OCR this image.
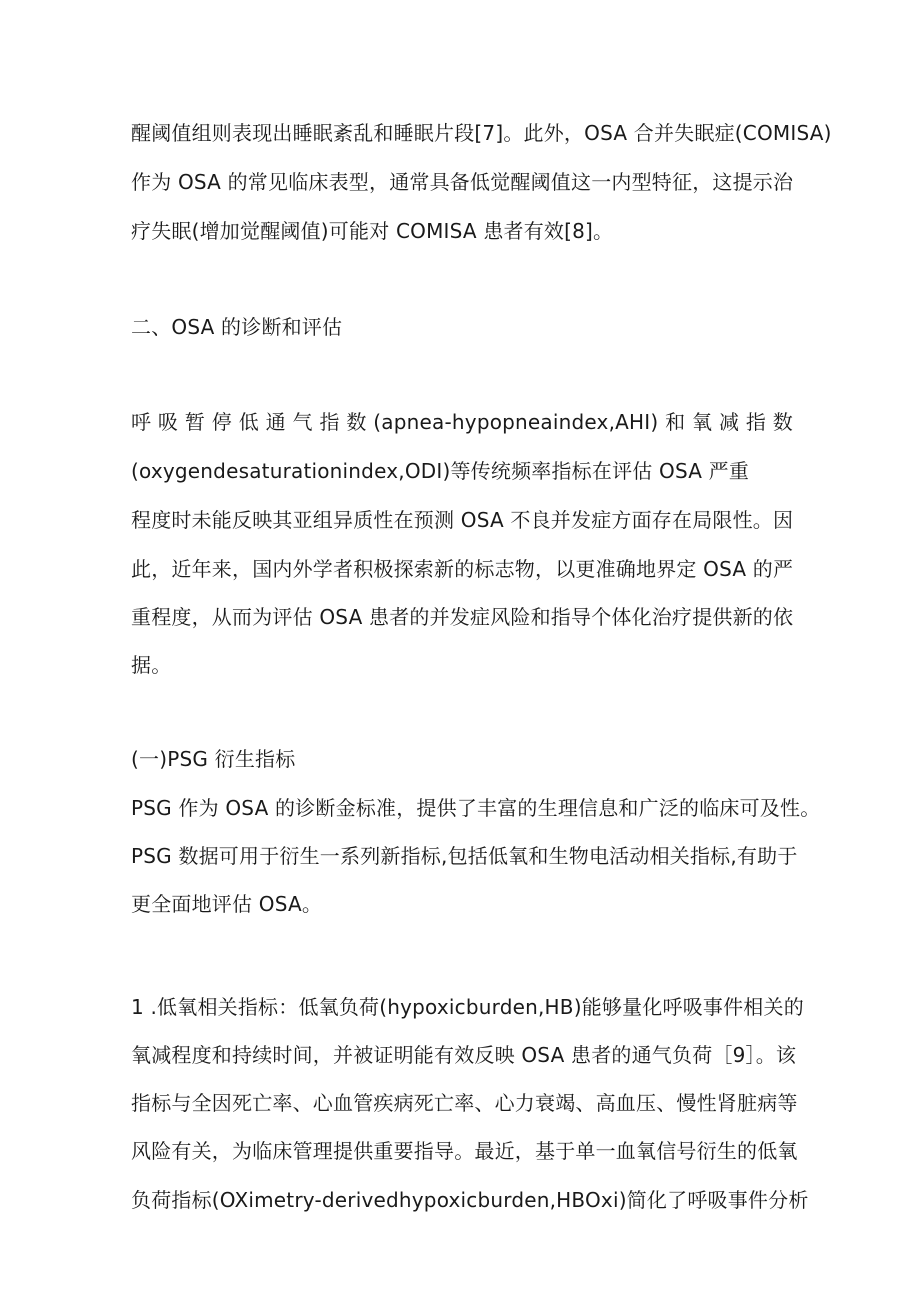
醒阈值组则表现出睡眠紊乱和睡眠片段[7]。此外，OSA 合并失眠症(COMISA)
作为 OSA 的常见临床表型，通常具备低觉醒阈值这一内型特征，这提示治
疗失眠(增加觉醒阈值)可能对 COMISA 患者有效[8]。
二、OSA 的诊断和评估
呼吸暂停低通气指数(apnea-hypopneaindex,AHI)和氧减指数
(oxygendesaturationindex,ODI)等传统频率指标在评估 OSA 严重
程度时未能反映其亚组异质性在预测 OSA 不良并发症方面存在局限性。因
此，近年来，国内外学者积极探索新的标志物，以更准确地界定 OSA 的严
重程度，从而为评估 OSA 患者的并发症风险和指导个体化治疗提供新的依
据。
(一)PSG 衍生指标
PSG 作为 OSA 的诊断金标准，提供了丰富的生理信息和广泛的临床可及性。
PSG 数据可用于衍生一系列新指标,包括低氧和生物电活动相关指标,有助于
更全面地评估 OSA。
1 .低氧相关指标：低氧负荷(hypoxicburden,HB)能够量化呼吸事件相关的
氧减程度和持续时间，并被证明能有效反映 OSA 患者的通气负荷［9］。该
指标与全因死亡率、心血管疾病死亡率、心力衰竭、高血压、慢性肾脏病等
风险有关，为临床管理提供重要指导。最近，基于单一血氧信号衍生的低氧
负荷指标(OXimetry-derivedhypoxicburden,HBOxi)简化了呼吸事件分析
